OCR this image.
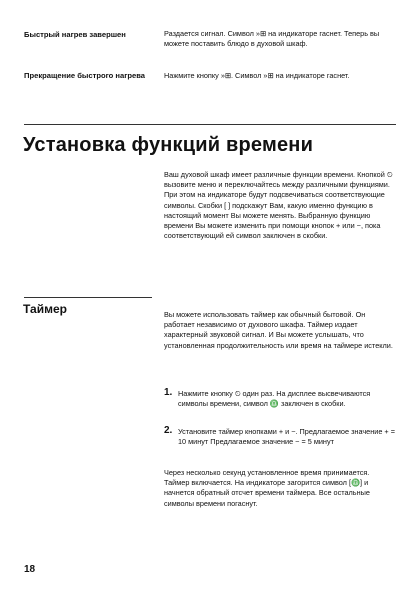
Быстрый нагрев завершен	Раздается сигнал. Символ »⊞ на индикаторе гаснет. Теперь вы можете поставить блюдо в духовой шкаф.
Прекращение быстрого нагрева	Нажмите кнопку »⊞. Символ »⊞ на индикаторе гаснет.
Установка функций времени
Ваш духовой шкаф имеет различные функции времени. Кнопкой ⏲ вызовите меню и переключайтесь между различными функциями. При этом на индикаторе будут подсвечиваться соответствующие символы. Скобки [ ] подскажут Вам, какую именно функцию в настоящий момент Вы можете менять. Выбранную функцию времени Вы можете изменить при помощи кнопок + или −, пока соответствующий ей символ заключен в скобки.
Таймер	Вы можете использовать таймер как обычный бытовой. Он работает независимо от духового шкафа. Таймер издает характерный звуковой сигнал. И Вы можете услышать, что установленная продолжительность или время на таймере истекли.
1. Нажмите кнопку ⏲ один раз. На дисплее высвечиваются символы времени, символ ♎ заключен в скобки.
2. Установите таймер кнопками + и −. Предлагаемое значение + = 10 минут Предлагаемое значение − = 5 минут
Через несколько секунд установленное время принимается. Таймер включается. На индикаторе загорится символ [♎] и начнется обратный отсчет времени таймера. Все остальные символы времени погаснут.
18
